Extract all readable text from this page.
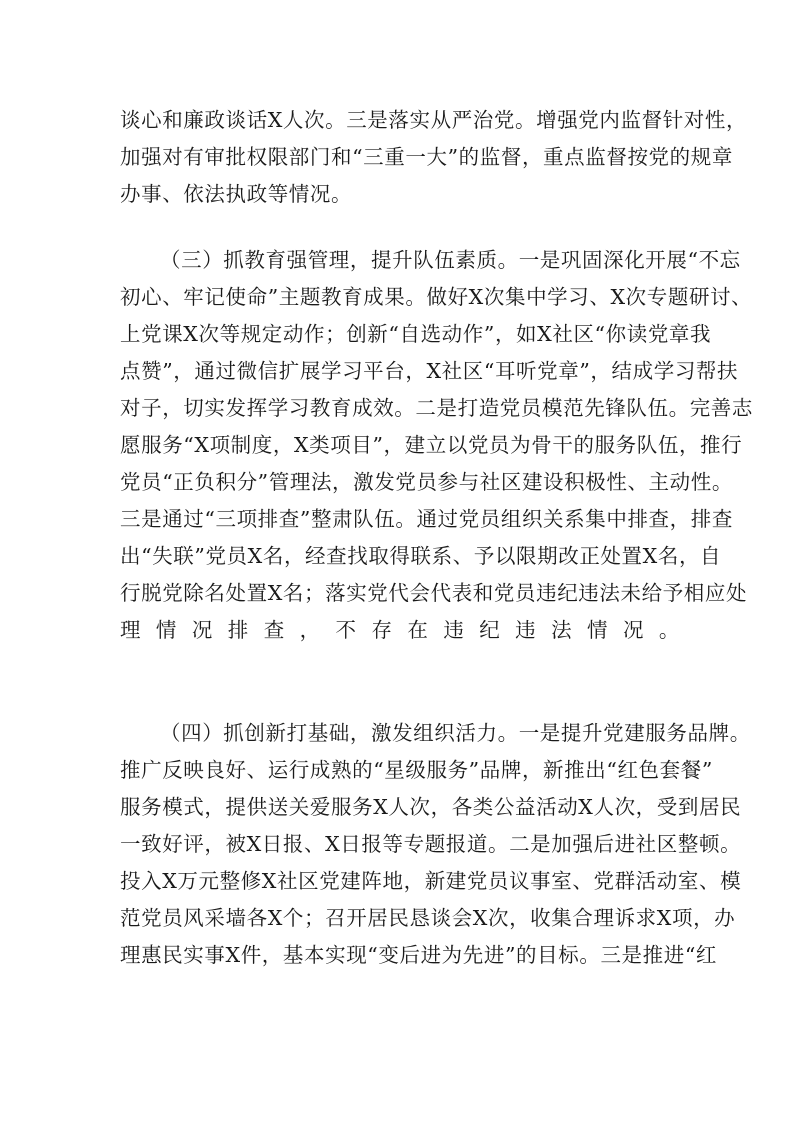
谈心和廉政谈话X人次。三是落实从严治党。增强党内监督针对性，
加强对有审批权限部门和“三重一大”的监督，重点监督按党的规章
办事、依法执政等情况。
（三）抓教育强管理，提升队伍素质。一是巩固深化开展“不忘
初心、牢记使命”主题教育成果。做好X次集中学习、X次专题研讨、
上党课X次等规定动作；创新“自选动作”，如X社区“你读党章我
点赞”，通过微信扩展学习平台，X社区“耳听党章”，结成学习帮扶
对子，切实发挥学习教育成效。二是打造党员模范先锋队伍。完善志
愿服务“X项制度，X类项目”，建立以党员为骨干的服务队伍，推行
党员“正负积分”管理法，激发党员参与社区建设积极性、主动性。
三是通过“三项排查”整肃队伍。通过党员组织关系集中排查，排查
出“失联”党员X名，经查找取得联系、予以限期改正处置X名，自
行脱党除名处置X名；落实党代会代表和党员违纪违法未给予相应处
理情况排查，不存在违纪违法情况。
（四）抓创新打基础，激发组织活力。一是提升党建服务品牌。
推广反映良好、运行成熟的“星级服务”品牌，新推出“红色套餐”
服务模式，提供送关爱服务X人次，各类公益活动X人次，受到居民
一致好评，被X日报、X日报等专题报道。二是加强后进社区整顿。
投入X万元整修X社区党建阵地，新建党员议事室、党群活动室、模
范党员风采墙各X个；召开居民恳谈会X次，收集合理诉求X项，办
理惠民实事X件，基本实现“变后进为先进”的目标。三是推进“红
